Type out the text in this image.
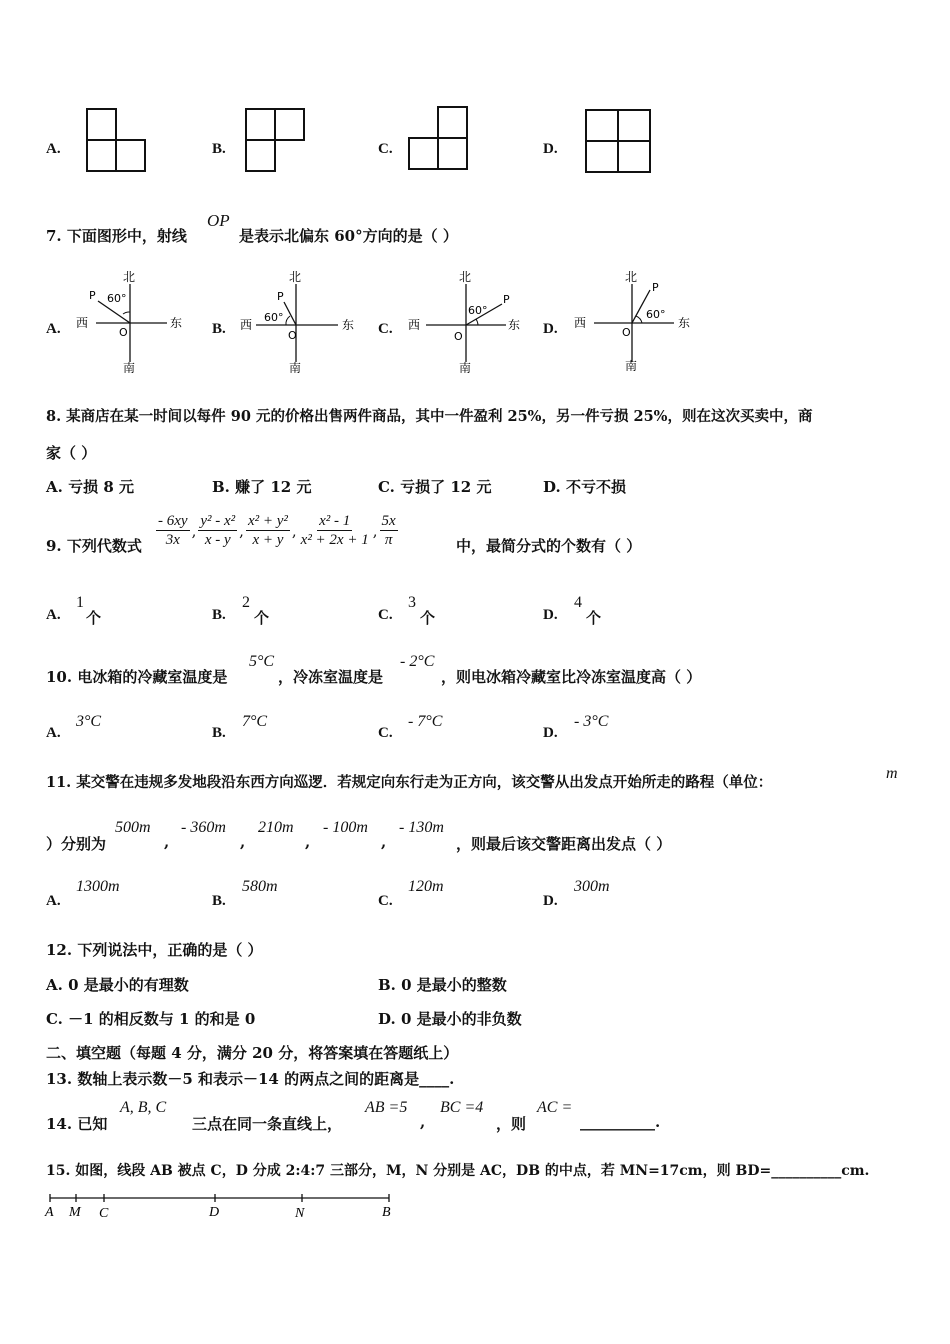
A.	B.	C.	D.
7. 下面图形中，射线
OP
是表示北偏东 60°方向的是（ ）
A.
北
南
东
西
O
P 60°
B.
北
南
东
西
O
P
60°
C.
北
南
东
西
O
P
60°
D.
北
南
东
西
O
P
60°
8. 某商店在某一时间以每件 90 元的价格出售两件商品，其中一件盈利 25%，另一件亏损 25%，则在这次买卖中，商
家（ ）
A. 亏损 8 元	B. 赚了 12 元	C. 亏损了 12 元	D. 不亏不损
9. 下列代数式 $\frac{- 6xy}{3x}$ , $\frac{\text{y² - x²}}{x - y}$ , $\frac{\text{x² + y²}}{x + y}$ , $\frac{\text{x² - 1}}{\text{x² + 2x + 1}}$ , $\frac{5x}{\pi}$	中，最简分式的个数有（ ）
A.
1
个	B.
2
个	C.
3
个	D.
4
个
10. 电冰箱的冷藏室温度是
5°C
，冷冻室温度是
- 2°C
，则电冰箱冷藏室比冷冻室温度高（ ）
A.
3°C
B.
7°C
C.
- 7°C
D.
- 3°C
11. 某交警在违规多发地段沿东西方向巡逻．若规定向东行走为正方向，该交警从出发点开始所走的路程（单位：
m
）分别为
500m
,
- 360m
,
210m
,
- 100m
,
- 130m
，则最后该交警距离出发点（ ）
A.
1300m
B.
580m
C.
120m
D.
300m
12. 下列说法中，正确的是（ ）
A. 0 是最小的有理数	B. 0 是最小的整数
C. －1 的相反数与 1 的和是 0	D. 0 是最小的非负数
二、填空题（每题 4 分，满分 20 分，将答案填在答题纸上）
13. 数轴上表示数－5 和表示－14 的两点之间的距离是____.
14. 已知
A, B, C
三点在同一条直线上，
AB =5
,
BC =4
，则
AC =
__________.
15. 如图，线段 AB 被点 C，D 分成 2:4:7 三部分，M，N 分别是 AC，DB 的中点，若 MN=17cm，则 BD=__________cm.
A M C	D	N	B
